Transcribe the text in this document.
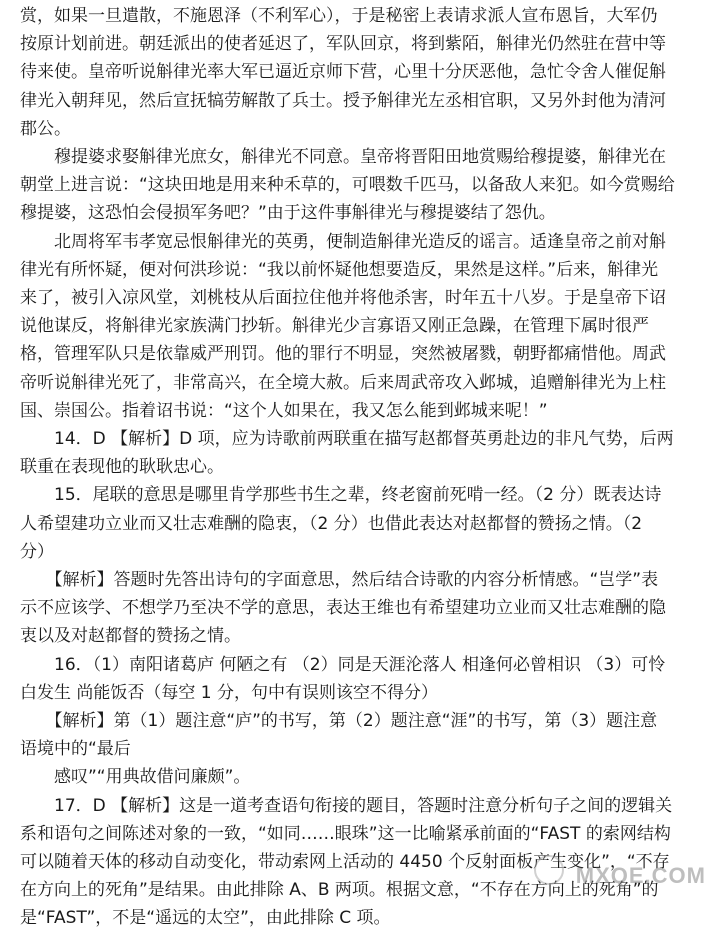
赏，如果一旦遣散，不施恩泽（不利军心），于是秘密上表请求派人宣布恩旨，大军仍
按原计划前进。朝廷派出的使者延迟了，军队回京，将到紫陌，斛律光仍然驻在营中等
待来使。皇帝听说斛律光率大军已逼近京师下营，心里十分厌恶他，急忙令舍人催促斛
律光入朝拜见，然后宣抚犒劳解散了兵士。授予斛律光左丞相官职，又另外封他为清河
郡公。
　　穆提婆求娶斛律光庶女，斛律光不同意。皇帝将晋阳田地赏赐给穆提婆，斛律光在
朝堂上进言说：“这块田地是用来种禾草的，可喂数千匹马，以备敌人来犯。如今赏赐给
穆提婆，这恐怕会侵损军务吧？”由于这件事斛律光与穆提婆结了怨仇。
　　北周将军韦孝宽忌恨斛律光的英勇，便制造斛律光造反的谣言。适逢皇帝之前对斛
律光有所怀疑，便对何洪珍说：“我以前怀疑他想要造反，果然是这样。”后来，斛律光
来了，被引入凉风堂，刘桃枝从后面拉住他并将他杀害，时年五十八岁。于是皇帝下诏
说他谋反，将斛律光家族满门抄斩。斛律光少言寡语又刚正急躁，在管理下属时很严
格，管理军队只是依靠威严刑罚。他的罪行不明显，突然被屠戮，朝野都痛惜他。周武
帝听说斛律光死了，非常高兴，在全境大赦。后来周武帝攻入邺城，追赠斛律光为上柱
国、崇国公。指着诏书说：“这个人如果在，我又怎么能到邺城来呢！”
　　14．D 【解析】D 项，应为诗歌前两联重在描写赵都督英勇赴边的非凡气势，后两
联重在表现他的耿耿忠心。
　　15．尾联的意思是哪里肯学那些书生之辈，终老窗前死啃一经。（2 分）既表达诗
人希望建功立业而又壮志难酬的隐衷，（2 分）也借此表达对赵都督的赞扬之情。（2
分）
　　【解析】答题时先答出诗句的字面意思，然后结合诗歌的内容分析情感。“岂学”表
示不应该学、不想学乃至决不学的意思，表达王维也有希望建功立业而又壮志难酬的隐
衷以及对赵都督的赞扬之情。
　　16．（1）南阳诸葛庐 何陋之有 （2）同是天涯沦落人 相逢何必曾相识 （3）可怜
白发生 尚能饭否（每空 1 分，句中有误则该空不得分）
　　【解析】第（1）题注意“庐”的书写，第（2）题注意“涯”的书写，第（3）题注意
语境中的“最后
　　感叹”“用典故借问廉颇”。
　　17．D 【解析】这是一道考查语句衔接的题目，答题时注意分析句子之间的逻辑关
系和语句之间陈述对象的一致，“如同……眼珠”这一比喻紧承前面的“FAST 的索网结构
可以随着天体的移动自动变化，带动索网上活动的 4450 个反射面板产生变化”，“不存
在方向上的死角”是结果。由此排除 A、B 两项。根据文意，“不存在方向上的死角”的
是“FAST”，不是“遥远的太空”，由此排除 C 项。
MXQE.COM
